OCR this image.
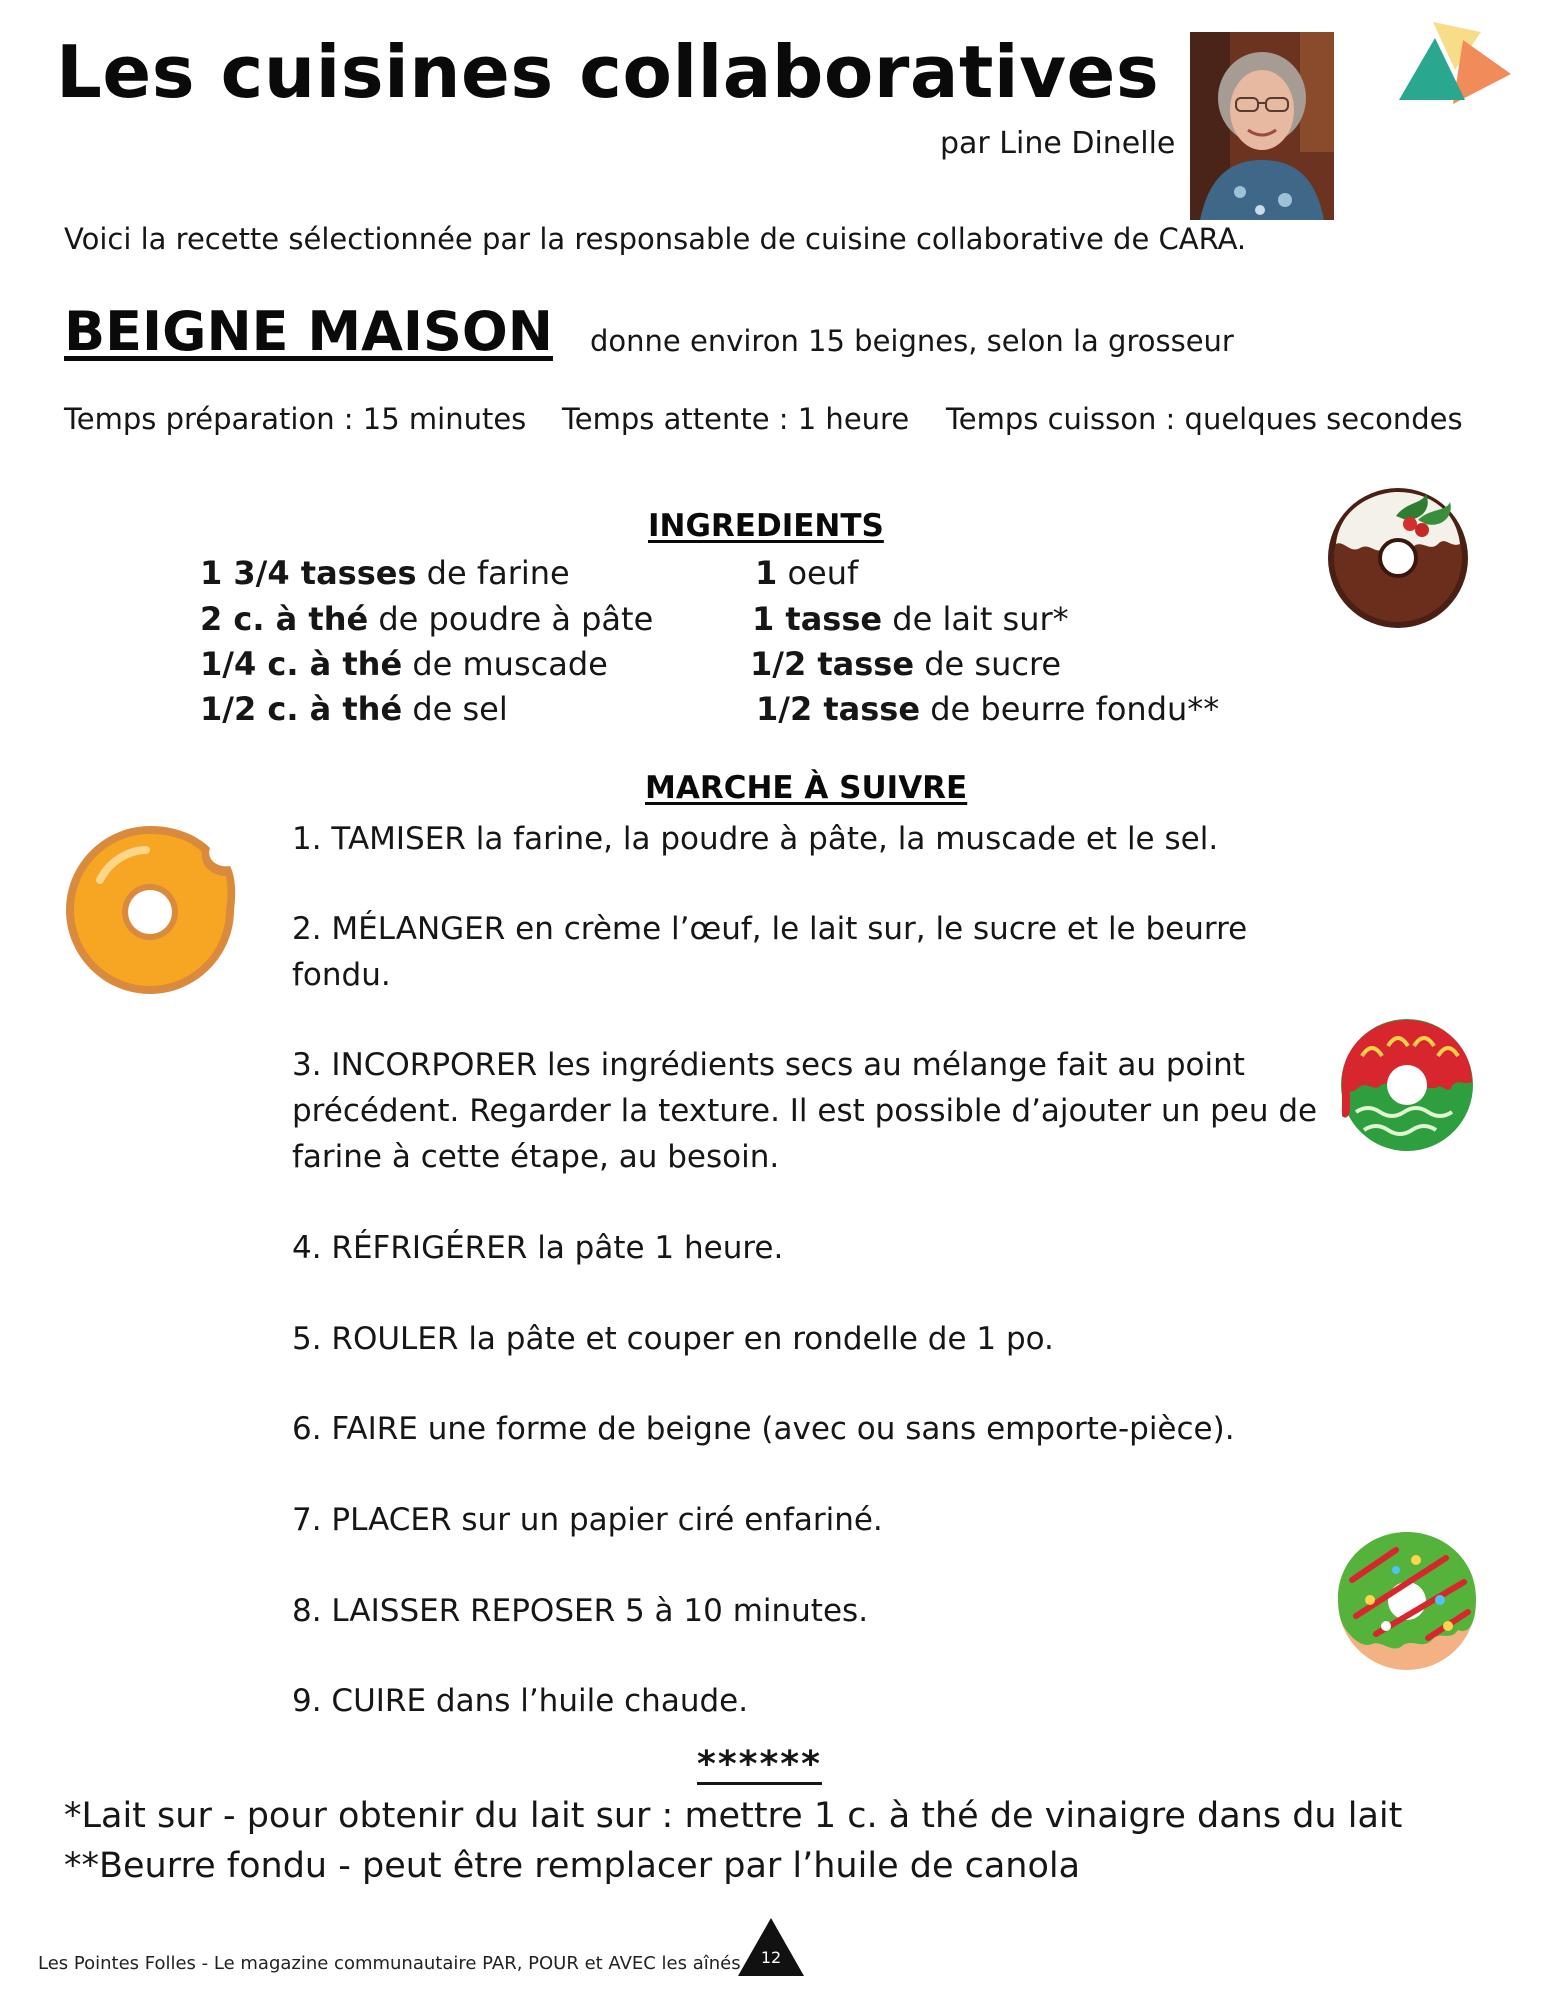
Les cuisines collaboratives
par Line Dinelle
Voici la recette sélectionnée par la responsable de cuisine collaborative de CARA.
BEIGNE MAISON donne environ 15 beignes, selon la grosseur
Temps préparation : 15 minutes Temps attente : 1 heure Temps cuisson : quelques secondes
INGREDIENTS
1 3/4 tasses de farine
2 c. à thé de poudre à pâte
1/4 c. à thé de muscade
1/2 c. à thé de sel
1 oeuf
1 tasse de lait sur*
1/2 tasse de sucre
1/2 tasse de beurre fondu**
MARCHE À SUIVRE
1. TAMISER la farine, la poudre à pâte, la muscade et le sel.
2. MÉLANGER en crème l’œuf, le lait sur, le sucre et le beurre fondu.
3. INCORPORER les ingrédients secs au mélange fait au point précédent. Regarder la texture. Il est possible d’ajouter un peu de farine à cette étape, au besoin.
4. RÉFRIGÉRER la pâte 1 heure.
5. ROULER la pâte et couper en rondelle de 1 po.
6. FAIRE une forme de beigne (avec ou sans emporte-pièce).
7. PLACER sur un papier ciré enfariné.
8. LAISSER REPOSER 5 à 10 minutes.
9. CUIRE dans l’huile chaude.
******
*Lait sur - pour obtenir du lait sur : mettre 1 c. à thé de vinaigre dans du lait
**Beurre fondu - peut être remplacer par l’huile de canola
Les Pointes Folles - Le magazine communautaire PAR, POUR et AVEC les aînés	12
